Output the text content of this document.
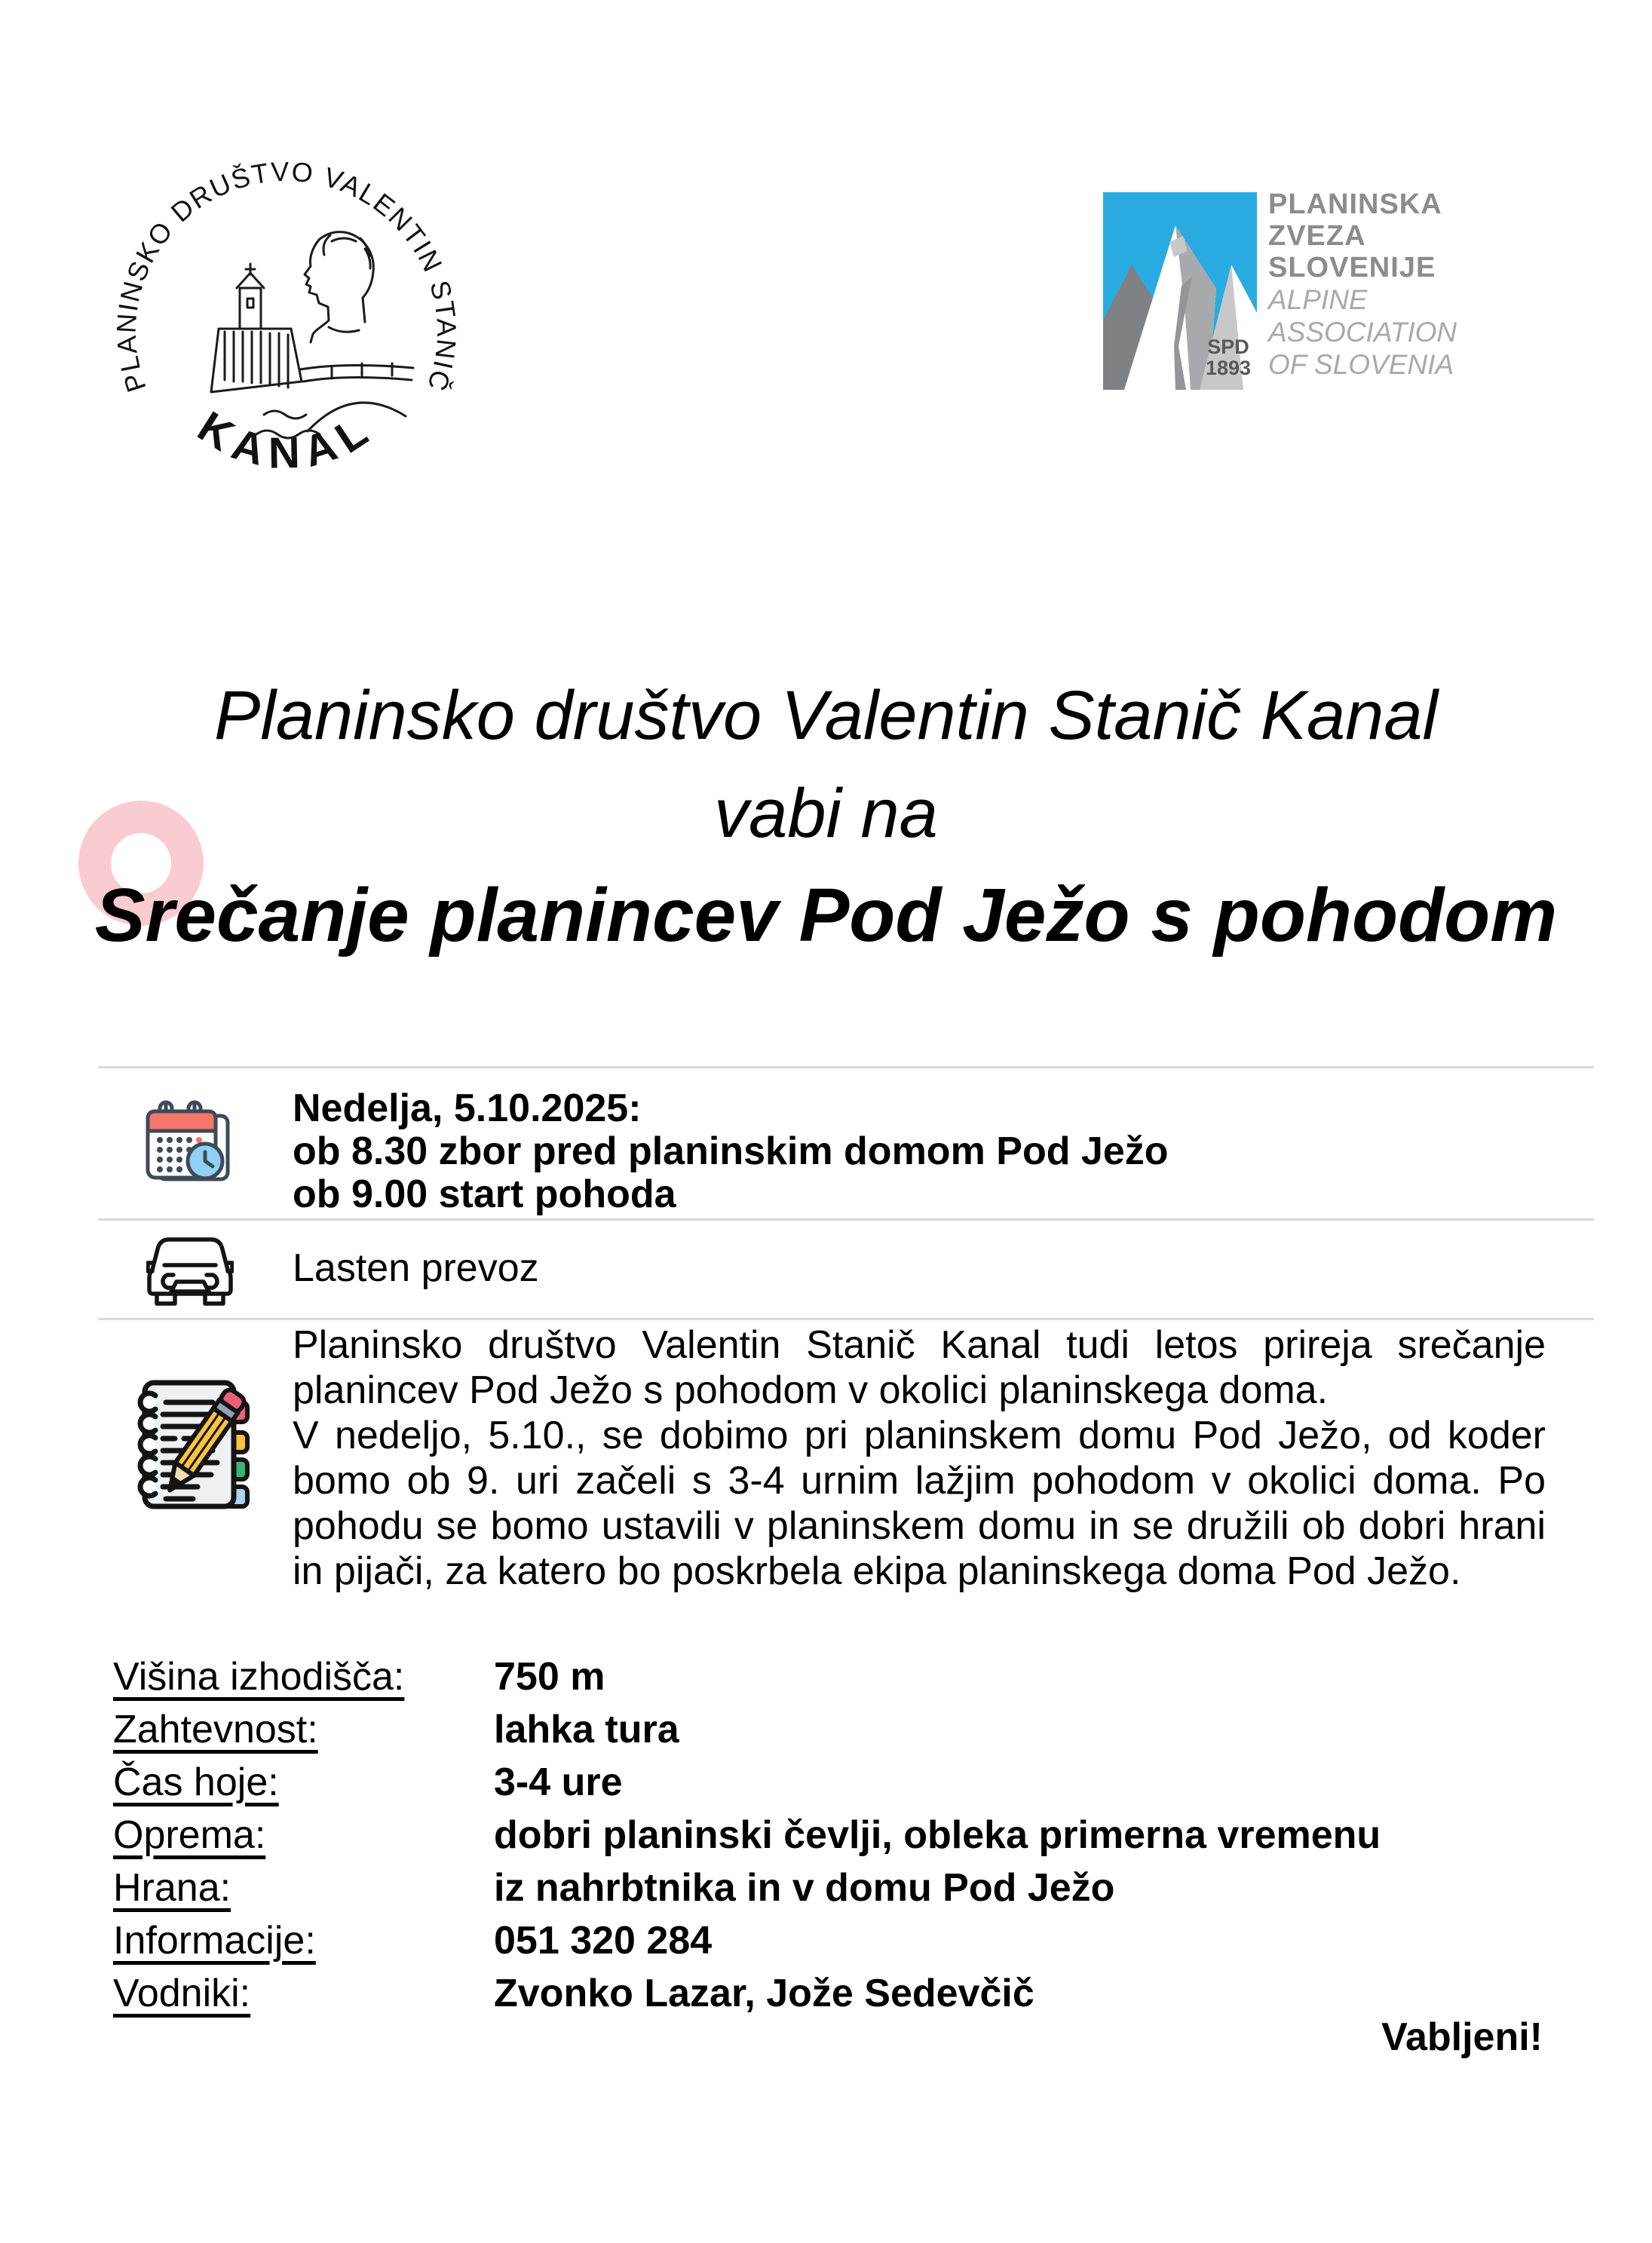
PLANINSKO DRUŠTVO VALENTIN STANIČ
KANAL
SPD
1893
PLANINSKA
ZVEZA
SLOVENIJE
ALPINE
ASSOCIATION
OF SLOVENIA
Planinsko društvo Valentin Stanič Kanal
vabi na
Srečanje planincev Pod Ježo s pohodom
Nedelja, 5.10.2025:
ob 8.30 zbor pred planinskim domom Pod Ježo
ob 9.00 start pohoda
Lasten prevoz

Planinsko društvo Valentin Stanič Kanal tudi letos prireja srečanje planincev Pod Ježo s pohodom v okolici planinskega doma.

V nedeljo, 5.10., se dobimo pri planinskem domu Pod Ježo, od koder bomo ob 9. uri začeli s 3-4 urnim lažjim pohodom v okolici doma. Po pohodu se bomo ustavili v planinskem domu in se družili ob dobri hrani in pijači, za katero bo poskrbela ekipa planinskega doma Pod Ježo.

Višina izhodišča:	750 m
Zahtevnost:	lahka tura
Čas hoje:	3-4 ure
Oprema:	dobri planinski čevlji, obleka primerna vremenu
Hrana:	iz nahrbtnika in v domu Pod Ježo
Informacije:	051 320 284
Vodniki:	Zvonko Lazar, Jože Sedevčič
Vabljeni!
